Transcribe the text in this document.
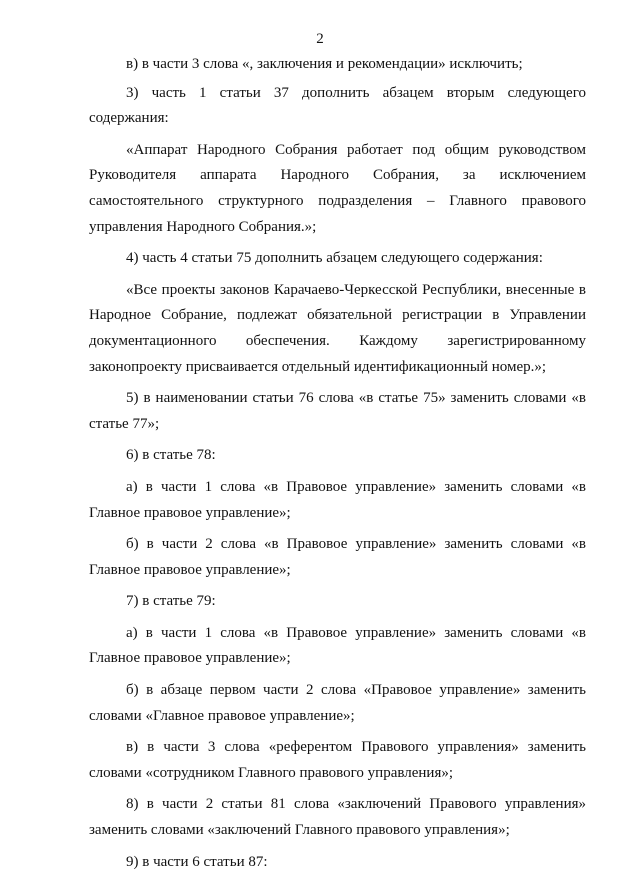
2

в) в части 3 слова «, заключения и рекомендации» исключить;

3) часть 1 статьи 37 дополнить абзацем вторым следующего содержания:

«Аппарат Народного Собрания работает под общим руководством Руководителя аппарата Народного Собрания, за исключением самостоятельного структурного подразделения – Главного правового управления Народного Собрания.»;

4) часть 4 статьи 75 дополнить абзацем следующего содержания:

«Все проекты законов Карачаево-Черкесской Республики, внесенные в Народное Собрание, подлежат обязательной регистрации в Управлении документационного обеспечения. Каждому зарегистрированному законопроекту присваивается отдельный идентификационный номер.»;

5) в наименовании статьи 76 слова «в статье 75» заменить словами «в статье 77»;

6) в статье 78:

а) в части 1 слова «в Правовое управление» заменить словами «в Главное правовое управление»;

б) в части 2 слова «в Правовое управление» заменить словами «в Главное правовое управление»;

7) в статье 79:

а) в части 1 слова «в Правовое управление» заменить словами «в Главное правовое управление»;

б) в абзаце первом части 2 слова «Правовое управление» заменить словами «Главное правовое управление»;

в) в части 3 слова «референтом Правового управления» заменить словами «сотрудником Главного правового управления»;

8) в части 2 статьи 81 слова «заключений Правового управления» заменить словами «заключений Главного правового управления»;

9) в части 6 статьи 87:
